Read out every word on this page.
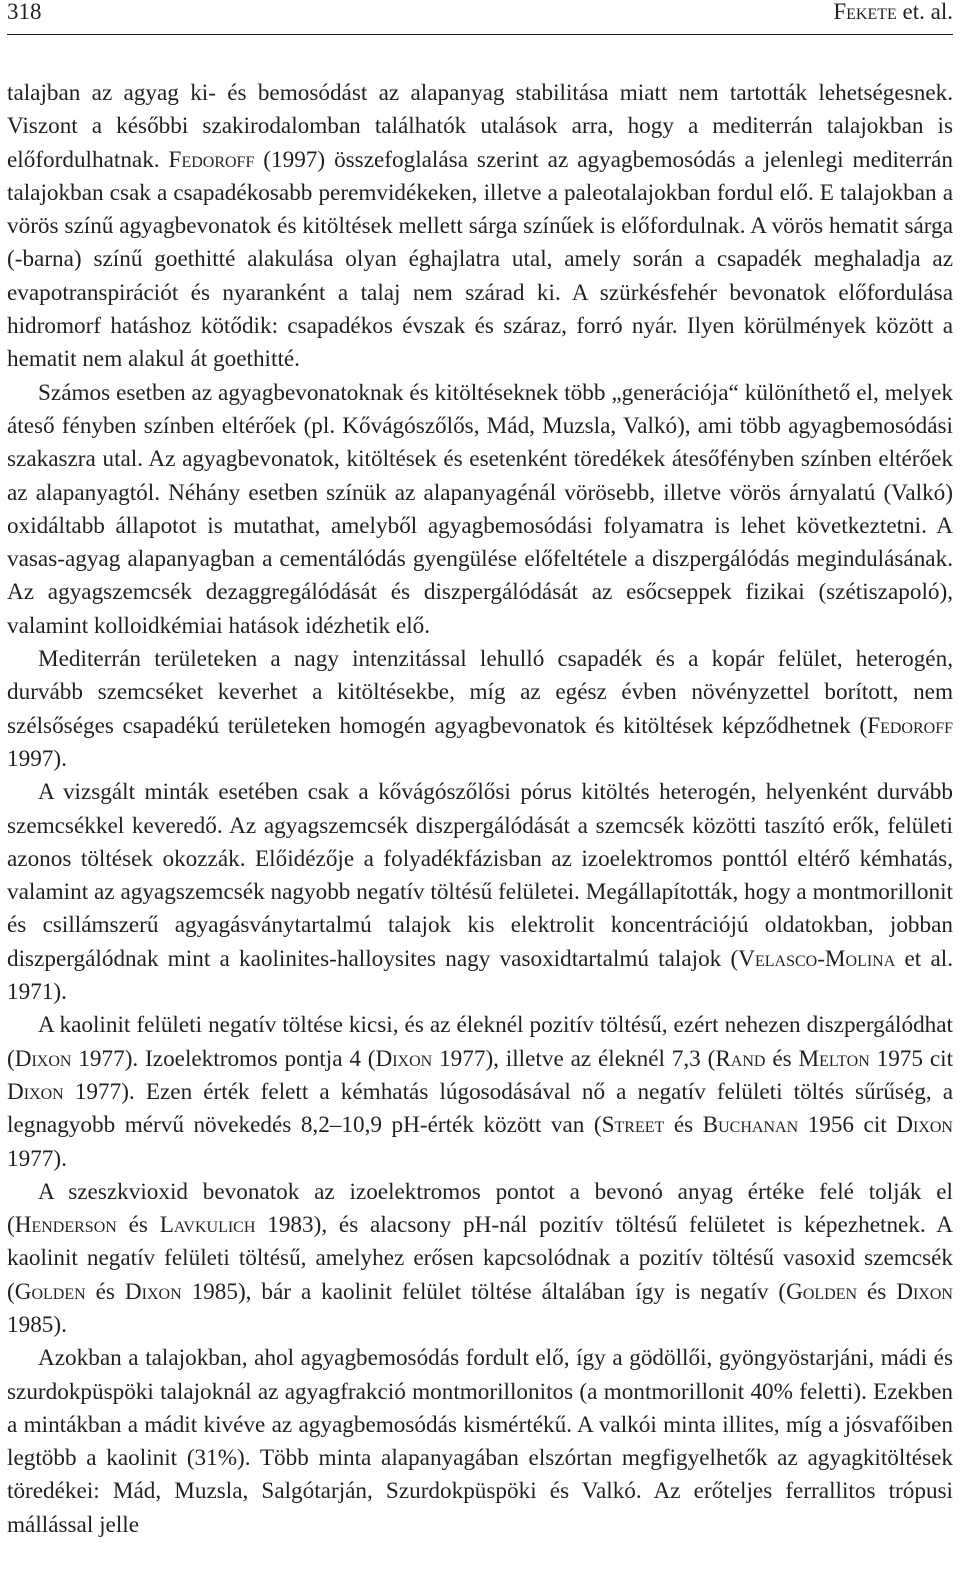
318	Fekete et. al.

talajban az agyag ki- és bemosódást az alapanyag stabilitása miatt nem tartották lehetségesnek. Viszont a későbbi szakirodalomban találhatók utalások arra, hogy a mediterrán talajokban is előfordulhatnak. Fedoroff (1997) összefoglalása szerint az agyagbemosódás a jelenlegi mediterrán talajokban csak a csapadékosabb peremvidékeken, illetve a paleotalajokban fordul elő. E talajokban a vörös színű agyagbevonatok és kitöltések mellett sárga színűek is előfordulnak. A vörös hematit sárga (-barna) színű goethitté alakulása olyan éghajlatra utal, amely során a csapadék meghaladja az evapotranspirációt és nyaranként a talaj nem szárad ki. A szürkésfehér bevonatok előfordulása hidromorf hatáshoz kötődik: csapadékos évszak és száraz, forró nyár. Ilyen körülmények között a hematit nem alakul át goethitté.

Számos esetben az agyagbevonatoknak és kitöltéseknek több „generációja“ különíthető el, melyek áteső fényben színben eltérőek (pl. Kővágószőlős, Mád, Muzsla, Valkó), ami több agyagbemosódási szakaszra utal. Az agyagbevonatok, kitöltések és esetenként töredékek átesőfényben színben eltérőek az alapanyagtól. Néhány esetben színük az alapanyagénál vörösebb, illetve vörös árnyalatú (Valkó) oxidáltabb állapotot is mutathat, amelyből agyagbemosódási folyamatra is lehet következtetni. A vasas-agyag alapanyagban a cementálódás gyengülése előfeltétele a diszpergálódás megindulásának. Az agyagszemcsék dezaggregálódását és diszpergálódását az esőcseppek fizikai (szétiszapoló), valamint kolloidkémiai hatások idézhetik elő.

Mediterrán területeken a nagy intenzitással lehulló csapadék és a kopár felület, heterogén, durvább szemcséket keverhet a kitöltésekbe, míg az egész évben növényzettel borított, nem szélsőséges csapadékú területeken homogén agyagbevonatok és kitöltések képződhetnek (Fedoroff 1997).

A vizsgált minták esetében csak a kővágószőlősi pórus kitöltés heterogén, helyenként durvább szemcsékkel keveredő. Az agyagszemcsék diszpergálódását a szemcsék közötti taszító erők, felületi azonos töltések okozzák. Előidézője a folyadékfázisban az izoelektromos ponttól eltérő kémhatás, valamint az agyagszemcsék nagyobb negatív töltésű felületei. Megállapították, hogy a montmorillonit és csillámszerű agyagásványtartalmú talajok kis elektrolit koncentrációjú oldatokban, jobban diszpergálódnak mint a kaolinites-halloysites nagy vasoxidtartalmú talajok (Velasco-Molina et al. 1971).

A kaolinit felületi negatív töltése kicsi, és az éleknél pozitív töltésű, ezért nehezen diszpergálódhat (Dixon 1977). Izoelektromos pontja 4 (Dixon 1977), illetve az éleknél 7,3 (Rand és Melton 1975 cit Dixon 1977). Ezen érték felett a kémhatás lúgosodásával nő a negatív felületi töltés sűrűség, a legnagyobb mérvű növekedés 8,2–10,9 pH-érték között van (Street és Buchanan 1956 cit Dixon 1977).

A szeszkvioxid bevonatok az izoelektromos pontot a bevonó anyag értéke felé tolják el (Henderson és Lavkulich 1983), és alacsony pH-nál pozitív töltésű felületet is képezhetnek. A kaolinit negatív felületi töltésű, amelyhez erősen kapcsolódnak a pozitív töltésű vasoxid szemcsék (Golden és Dixon 1985), bár a kaolinit felület töltése általában így is negatív (Golden és Dixon 1985).

Azokban a talajokban, ahol agyagbemosódás fordult elő, így a gödöllői, gyöngyöstarjáni, mádi és szurdokpüspöki talajoknál az agyagfrakció montmorillonitos (a montmorillonit 40% feletti). Ezekben a mintákban a mádit kivéve az agyagbemosódás kismértékű. A valkói minta illites, míg a jósvafőiben legtöbb a kaolinit (31%). Több minta alapanyagában elszórtan megfigyelhetők az agyagkitöltések töredékei: Mád, Muzsla, Salgótarján, Szurdokpüspöki és Valkó. Az erőteljes ferrallitos trópusi mállással jelle
